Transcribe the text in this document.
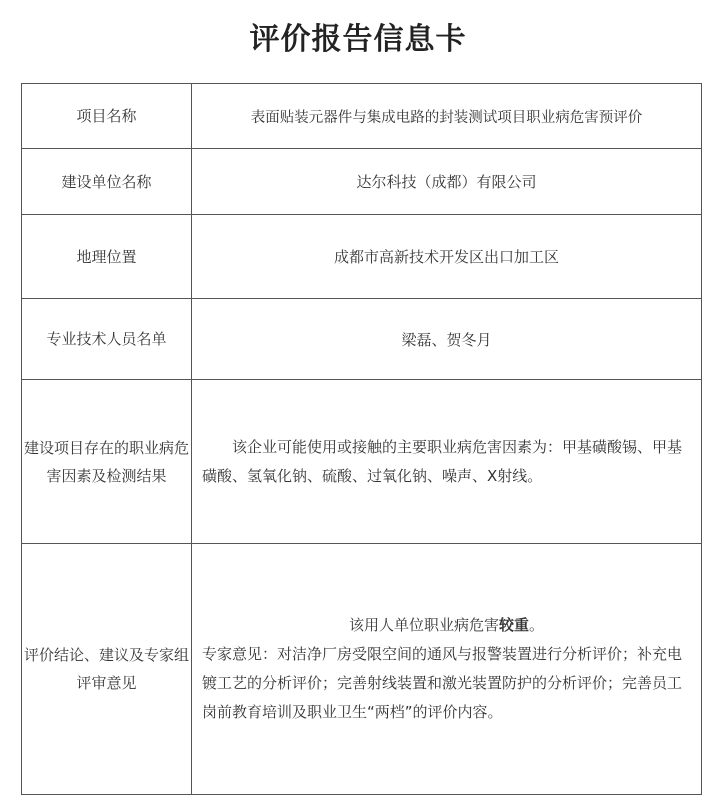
评价报告信息卡
项目名称	表面贴装元器件与集成电路的封装测试项目职业病危害预评价
建设单位名称	达尔科技（成都）有限公司
地理位置	成都市高新技术开发区出口加工区
专业技术人员名单	梁磊、贺冬月
建设项目存在的职业病危害因素及检测结果	该企业可能使用或接触的主要职业病危害因素为：甲基磺酸锡、甲基磺酸、氢氧化钠、硫酸、过氧化钠、噪声、X射线。

评价结论、建议及专家组评审意见	该用人单位职业病危害较重。
专家意见：对洁净厂房受限空间的通风与报警装置进行分析评价；补充电镀工艺的分析评价；完善射线装置和激光装置防护的分析评价；完善员工岗前教育培训及职业卫生“两档”的评价内容。
